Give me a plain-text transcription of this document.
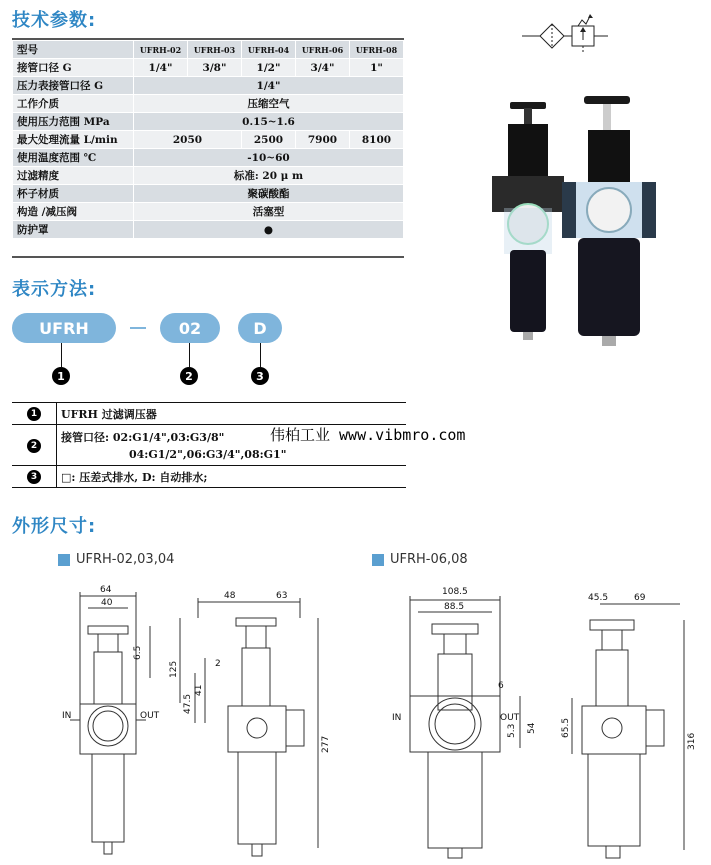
技术参数:
表示方法:
外形尺寸:
型号	UFRH-02	UFRH-03	UFRH-04	UFRH-06	UFRH-08
接管口径 G	1/4"	3/8"	1/2"	3/4"	1"
压力表接管口径 G	1/4"				
工作介质	压缩空气				
使用压力范围 MPa	0.15~1.6				
最大处理流量 L/min	2050		2500	7900	8100
使用温度范围 ℃	-10~60				
过滤精度	标准: 20 μ m				
杯子材质	聚碳酸酯				
构造 /减压阀	活塞型				
防护罩	●				
UFRH	02	D
1	2	3
1	UFRH 过滤调压器
2	接管口径: 02:G1/4",03:G3/8"
04:G1/2",06:G3/4",08:G1"

3	□: 压差式排水, D: 自动排水;
伟柏工业 www.vibmro.com
UFRH-02,03,04	UFRH-06,08
64
40
6.5
IN	OUT
48	63
2
125
47.5
41
277
108.5
88.5
6
IN	OUT
5.3 54
45.5	69
65.5
316
